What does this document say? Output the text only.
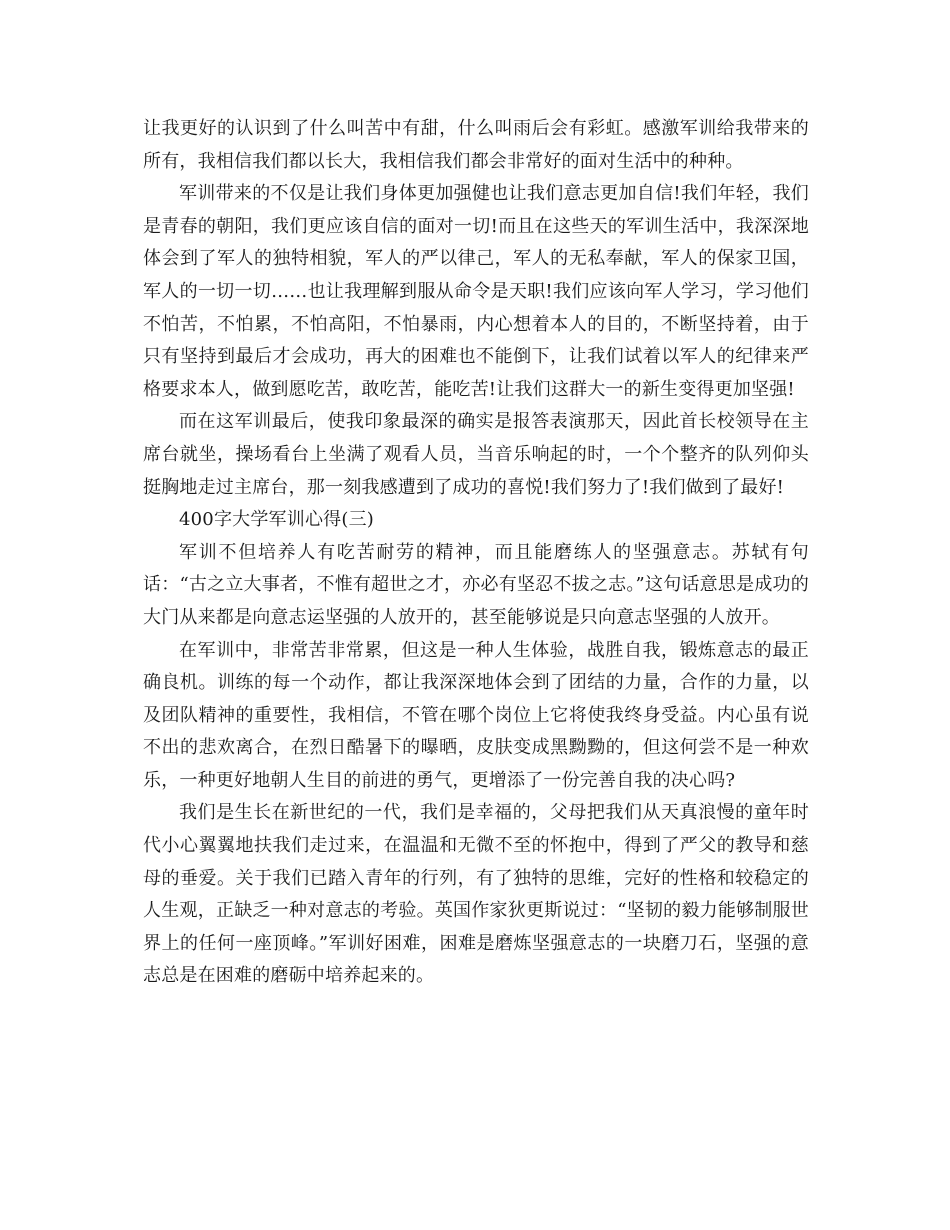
让我更好的认识到了什么叫苦中有甜，什么叫雨后会有彩虹。感激军训给我带来的所有，我相信我们都以长大，我相信我们都会非常好的面对生活中的种种。

军训带来的不仅是让我们身体更加强健也让我们意志更加自信!我们年轻，我们是青春的朝阳，我们更应该自信的面对一切!而且在这些天的军训生活中，我深深地体会到了军人的独特相貌，军人的严以律己，军人的无私奉献，军人的保家卫国，军人的一切一切……也让我理解到服从命令是天职!我们应该向军人学习，学习他们不怕苦，不怕累，不怕高阳，不怕暴雨，内心想着本人的目的，不断坚持着，由于只有坚持到最后才会成功，再大的困难也不能倒下，让我们试着以军人的纪律来严格要求本人，做到愿吃苦，敢吃苦，能吃苦!让我们这群大一的新生变得更加坚强!

而在这军训最后，使我印象最深的确实是报答表演那天，因此首长校领导在主席台就坐，操场看台上坐满了观看人员，当音乐响起的时，一个个整齐的队列仰头挺胸地走过主席台，那一刻我感遭到了成功的喜悦!我们努力了!我们做到了最好!

400字大学军训心得(三)

军训不但培养人有吃苦耐劳的精神，而且能磨练人的坚强意志。苏轼有句话：“古之立大事者，不惟有超世之才，亦必有坚忍不拔之志。”这句话意思是成功的大门从来都是向意志运坚强的人放开的，甚至能够说是只向意志坚强的人放开。

在军训中，非常苦非常累，但这是一种人生体验，战胜自我，锻炼意志的最正确良机。训练的每一个动作，都让我深深地体会到了团结的力量，合作的力量，以及团队精神的重要性，我相信，不管在哪个岗位上它将使我终身受益。内心虽有说不出的悲欢离合，在烈日酷暑下的曝晒，皮肤变成黑黝黝的，但这何尝不是一种欢乐，一种更好地朝人生目的前进的勇气，更增添了一份完善自我的决心吗?

我们是生长在新世纪的一代，我们是幸福的，父母把我们从天真浪慢的童年时代小心翼翼地扶我们走过来，在温温和无微不至的怀抱中，得到了严父的教导和慈母的垂爱。关于我们已踏入青年的行列，有了独特的思维，完好的性格和较稳定的人生观，正缺乏一种对意志的考验。英国作家狄更斯说过：“坚韧的毅力能够制服世界上的任何一座顶峰。”军训好困难，困难是磨炼坚强意志的一块磨刀石，坚强的意志总是在困难的磨砺中培养起来的。
